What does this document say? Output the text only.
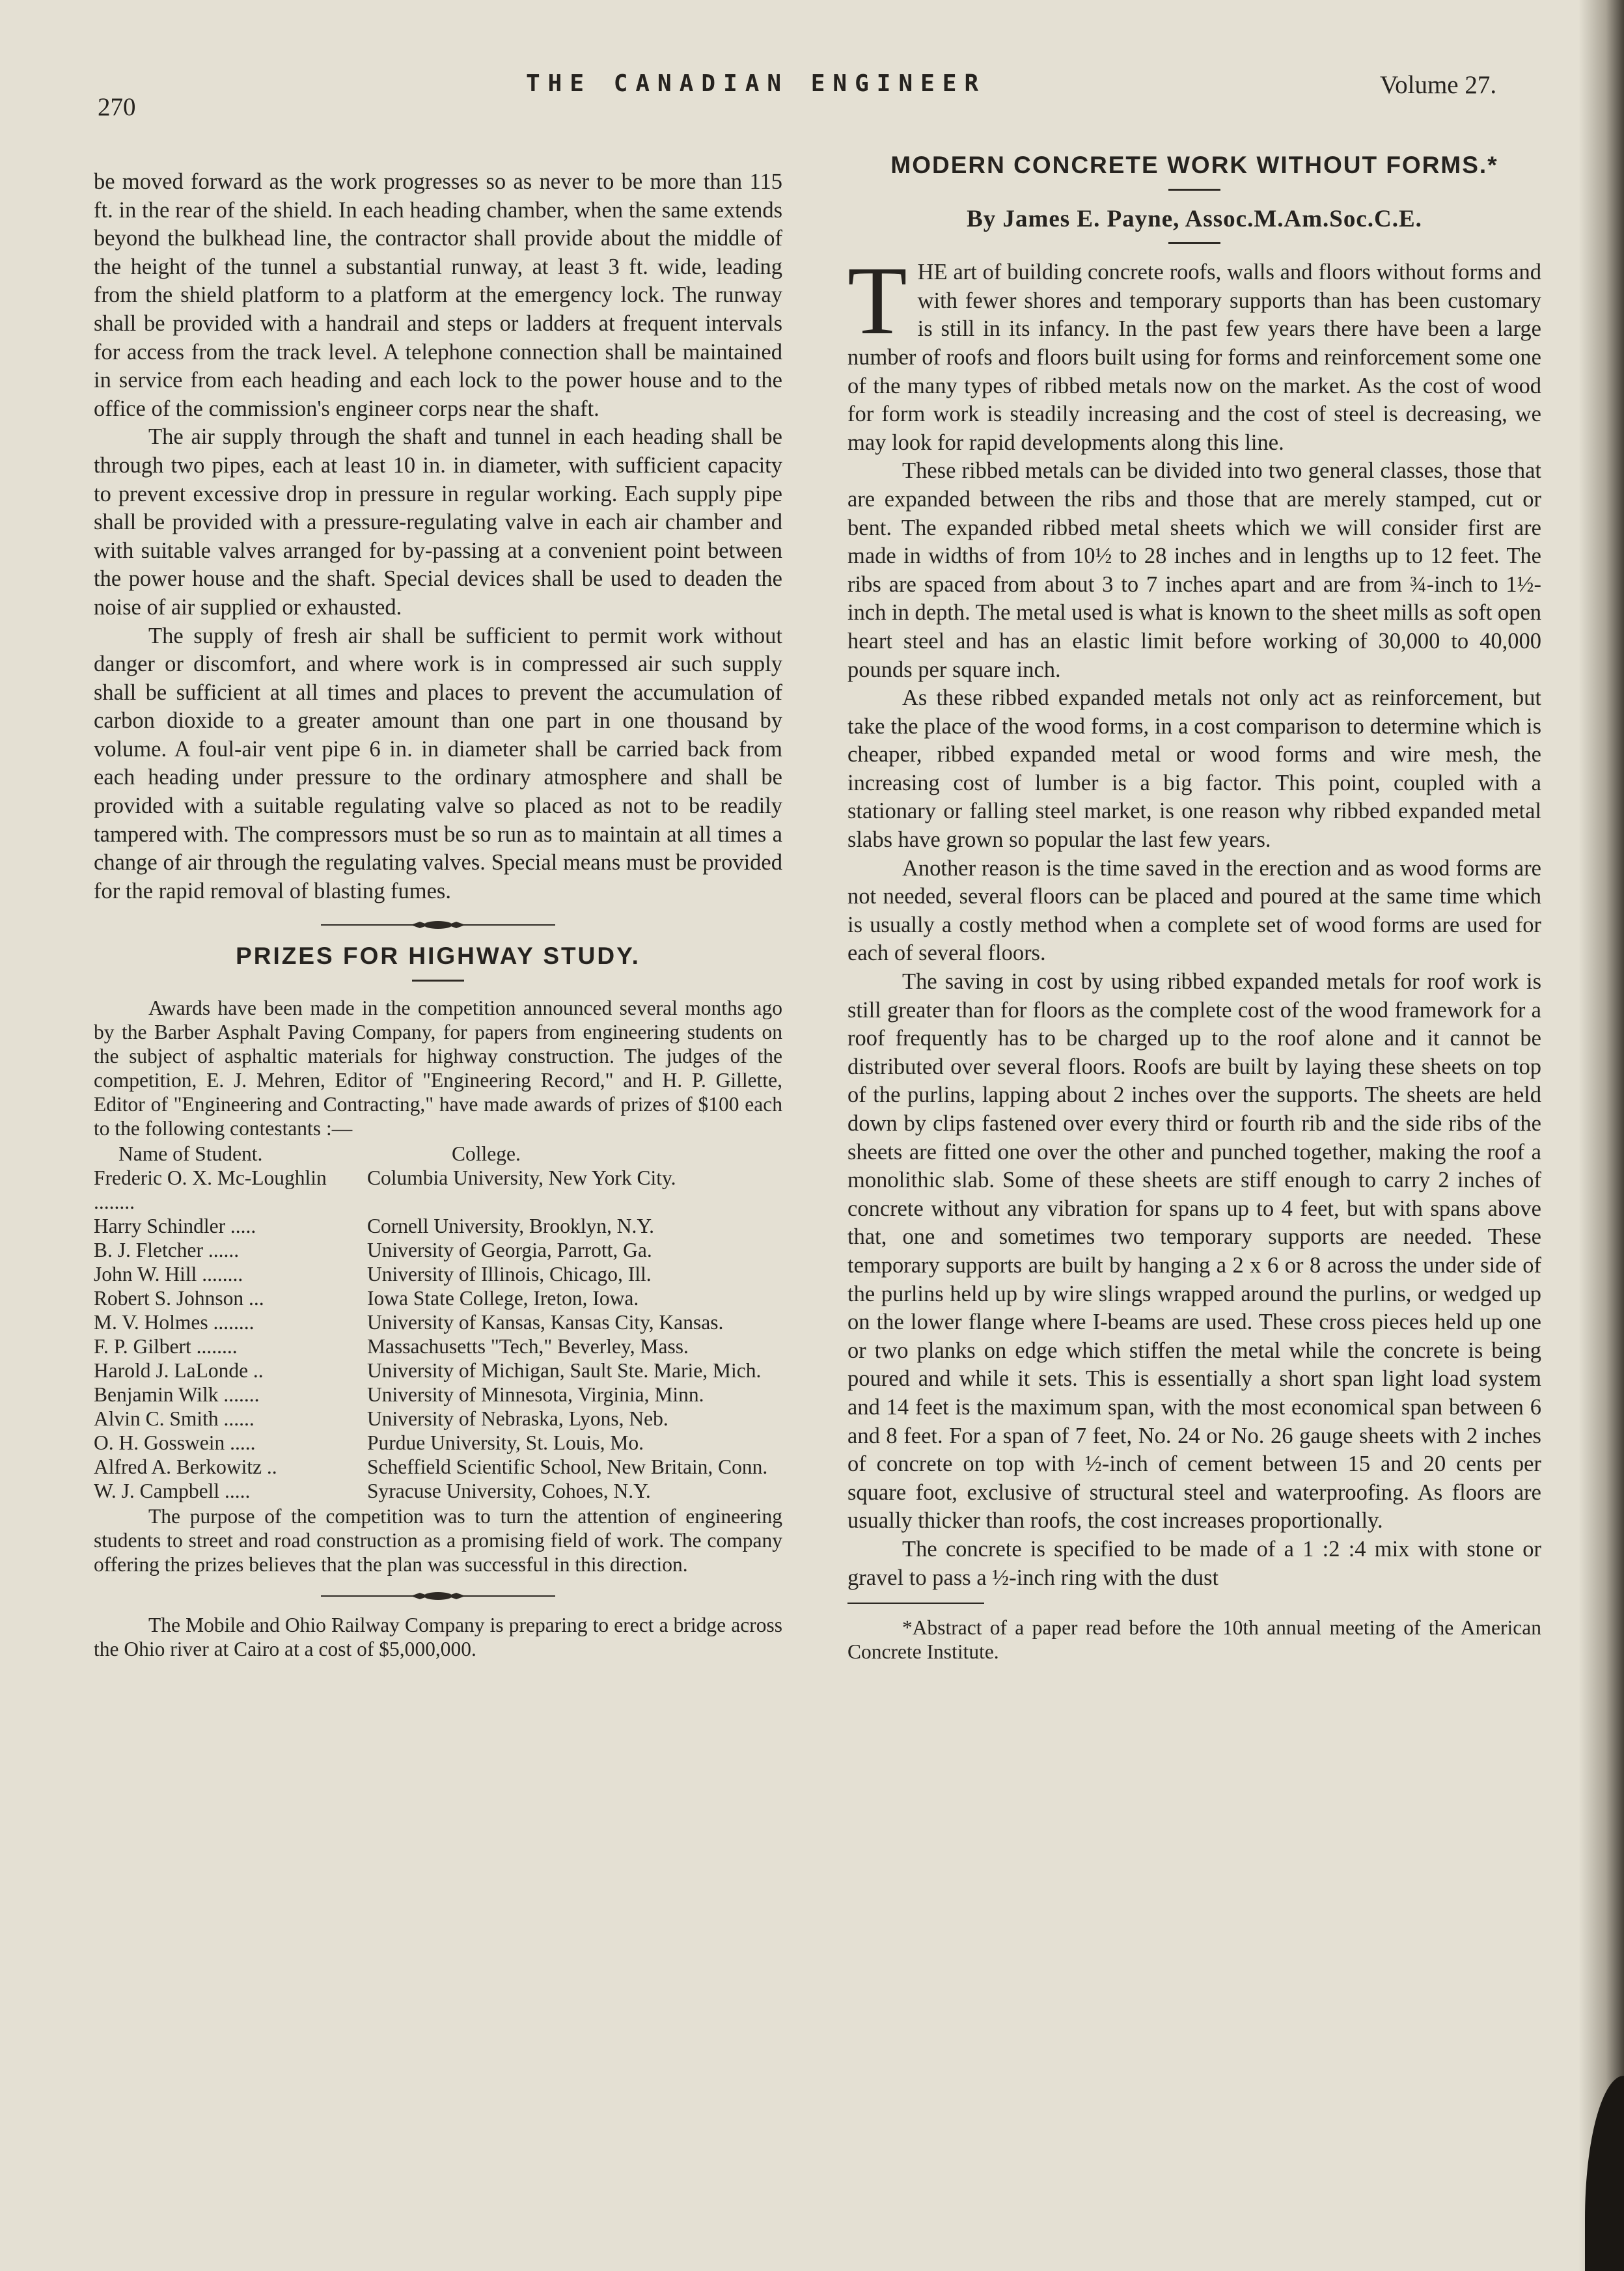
270
THE CANADIAN ENGINEER	Volume 27.

be moved forward as the work progresses so as never to be more than 115 ft. in the rear of the shield. In each heading chamber, when the same extends beyond the bulkhead line, the contractor shall provide about the middle of the height of the tunnel a substantial runway, at least 3 ft. wide, leading from the shield platform to a platform at the emergency lock. The runway shall be provided with a handrail and steps or ladders at frequent intervals for access from the track level. A telephone connection shall be maintained in service from each heading and each lock to the power house and to the office of the commission's engineer corps near the shaft.

The air supply through the shaft and tunnel in each heading shall be through two pipes, each at least 10 in. in diameter, with sufficient capacity to prevent excessive drop in pressure in regular working. Each supply pipe shall be provided with a pressure-regulating valve in each air chamber and with suitable valves arranged for by-passing at a convenient point between the power house and the shaft. Special devices shall be used to deaden the noise of air supplied or exhausted.

The supply of fresh air shall be sufficient to permit work without danger or discomfort, and where work is in compressed air such supply shall be sufficient at all times and places to prevent the accumulation of carbon dioxide to a greater amount than one part in one thousand by volume. A foul-air vent pipe 6 in. in diameter shall be carried back from each heading under pressure to the ordinary atmosphere and shall be provided with a suitable regulating valve so placed as not to be readily tampered with. The compressors must be so run as to maintain at all times a change of air through the regulating valves. Special means must be provided for the rapid removal of blasting fumes.

PRIZES FOR HIGHWAY STUDY.

Awards have been made in the competition announced several months ago by the Barber Asphalt Paving Company, for papers from engineering students on the subject of asphaltic materials for highway construction. The judges of the competition, E. J. Mehren, Editor of "Engineering Record," and H. P. Gillette, Editor of "Engineering and Contracting," have made awards of prizes of $100 each to the following contestants :—

Name of Student.	College.
Frederic O. X. Mc-Loughlin ........	Columbia University, New York City.
Harry Schindler .....	Cornell University, Brooklyn, N.Y.
B. J. Fletcher ......	University of Georgia, Parrott, Ga.
John W. Hill ........	University of Illinois, Chicago, Ill.
Robert S. Johnson ...	Iowa State College, Ireton, Iowa.
M. V. Holmes ........	University of Kansas, Kansas City, Kansas.
F. P. Gilbert ........	Massachusetts "Tech," Beverley, Mass.
Harold J. LaLonde ..	University of Michigan, Sault Ste. Marie, Mich.
Benjamin Wilk .......	University of Minnesota, Virginia, Minn.
Alvin C. Smith ......	University of Nebraska, Lyons, Neb.
O. H. Gosswein .....	Purdue University, St. Louis, Mo.
Alfred A. Berkowitz ..	Scheffield Scientific School, New Britain, Conn.
W. J. Campbell .....	Syracuse University, Cohoes, N.Y.

The purpose of the competition was to turn the attention of engineering students to street and road construction as a promising field of work. The company offering the prizes believes that the plan was successful in this direction.

The Mobile and Ohio Railway Company is preparing to erect a bridge across the Ohio river at Cairo at a cost of $5,000,000.

MODERN CONCRETE WORK WITHOUT FORMS.*
By James E. Payne, Assoc.M.Am.Soc.C.E.

THE art of building concrete roofs, walls and floors without forms and with fewer shores and temporary supports than has been customary is still in its infancy. In the past few years there have been a large number of roofs and floors built using for forms and reinforcement some one of the many types of ribbed metals now on the market. As the cost of wood for form work is steadily increasing and the cost of steel is decreasing, we may look for rapid developments along this line.

These ribbed metals can be divided into two general classes, those that are expanded between the ribs and those that are merely stamped, cut or bent. The expanded ribbed metal sheets which we will consider first are made in widths of from 10½ to 28 inches and in lengths up to 12 feet. The ribs are spaced from about 3 to 7 inches apart and are from ¾-inch to 1½-inch in depth. The metal used is what is known to the sheet mills as soft open heart steel and has an elastic limit before working of 30,000 to 40,000 pounds per square inch.

As these ribbed expanded metals not only act as reinforcement, but take the place of the wood forms, in a cost comparison to determine which is cheaper, ribbed expanded metal or wood forms and wire mesh, the increasing cost of lumber is a big factor. This point, coupled with a stationary or falling steel market, is one reason why ribbed expanded metal slabs have grown so popular the last few years.

Another reason is the time saved in the erection and as wood forms are not needed, several floors can be placed and poured at the same time which is usually a costly method when a complete set of wood forms are used for each of several floors.

The saving in cost by using ribbed expanded metals for roof work is still greater than for floors as the complete cost of the wood framework for a roof frequently has to be charged up to the roof alone and it cannot be distributed over several floors. Roofs are built by laying these sheets on top of the purlins, lapping about 2 inches over the supports. The sheets are held down by clips fastened over every third or fourth rib and the side ribs of the sheets are fitted one over the other and punched together, making the roof a monolithic slab. Some of these sheets are stiff enough to carry 2 inches of concrete without any vibration for spans up to 4 feet, but with spans above that, one and sometimes two temporary supports are needed. These temporary supports are built by hanging a 2 x 6 or 8 across the under side of the purlins held up by wire slings wrapped around the purlins, or wedged up on the lower flange where I-beams are used. These cross pieces held up one or two planks on edge which stiffen the metal while the concrete is being poured and while it sets. This is essentially a short span light load system and 14 feet is the maximum span, with the most economical span between 6 and 8 feet. For a span of 7 feet, No. 24 or No. 26 gauge sheets with 2 inches of concrete on top with ½-inch of cement between 15 and 20 cents per square foot, exclusive of structural steel and waterproofing. As floors are usually thicker than roofs, the cost increases proportionally.

The concrete is specified to be made of a 1 :2 :4 mix with stone or gravel to pass a ½-inch ring with the dust

*Abstract of a paper read before the 10th annual meeting of the American Concrete Institute.
